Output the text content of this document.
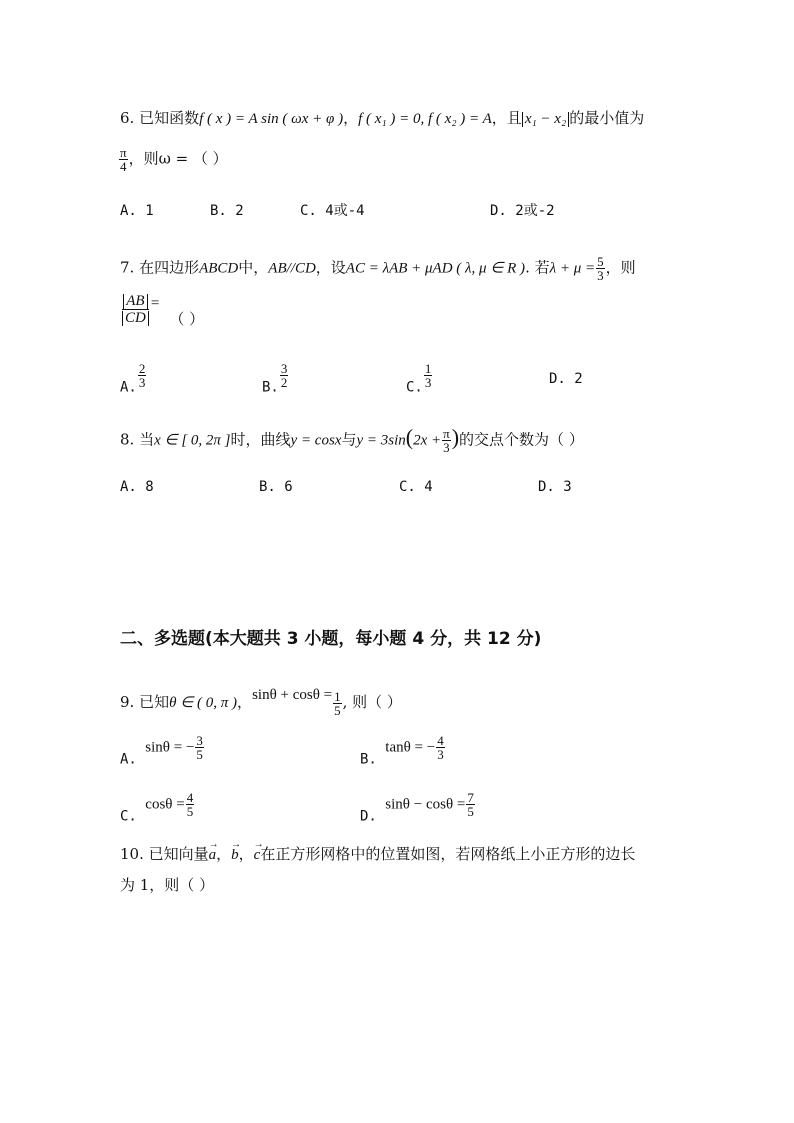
6. 已知函数f ( x ) = A sin ( ωx + φ )，f ( x₁ ) = 0, f ( x₂ ) = A，且 x₁ − x₂ 的最小值为
$\frac{\pi}{4}$ ，则ω = （ ）
A. 1	B. 2	C. 4或-4	D. 2或-2
7. 在四边形ABCD中，AB//CD，设AC = λAB + μAD ( λ, μ ∈ R ). 若$\lambda + \mu = \frac{5}{3}$ ，则
$\frac{AB}{CD}$ =（ ）
A. $\frac{2}{3}$	B. $\frac{3}{2}$	C. $\frac{1}{3}$	D. 2
8. 当x ∈ [ 0, 2π ]时，曲线y = cosx与$y = 3\sin(2x + \frac{\pi}{3}$ )的交点个数为（ ）
A. 8	B. 6	C. 4	D. 3
二、多选题(本大题共 3 小题，每小题 4 分，共 12 分)
9. 已知θ ∈ ( 0, π )，$\sin\theta + \cos\theta = \frac{1}{5}$ , 则（ ）
A. sinθ = − $\frac{3}{5}$	B. tanθ = − $\frac{4}{3}$
C. $\cos\theta = \frac{4}{5}$	D. $\sin\theta - \cos\theta = \frac{7}{5}$
10. 已知向量→ a，→ b，→ c在正方形网格中的位置如图，若网格纸上小正方形的边长
为 1，则（ ）
